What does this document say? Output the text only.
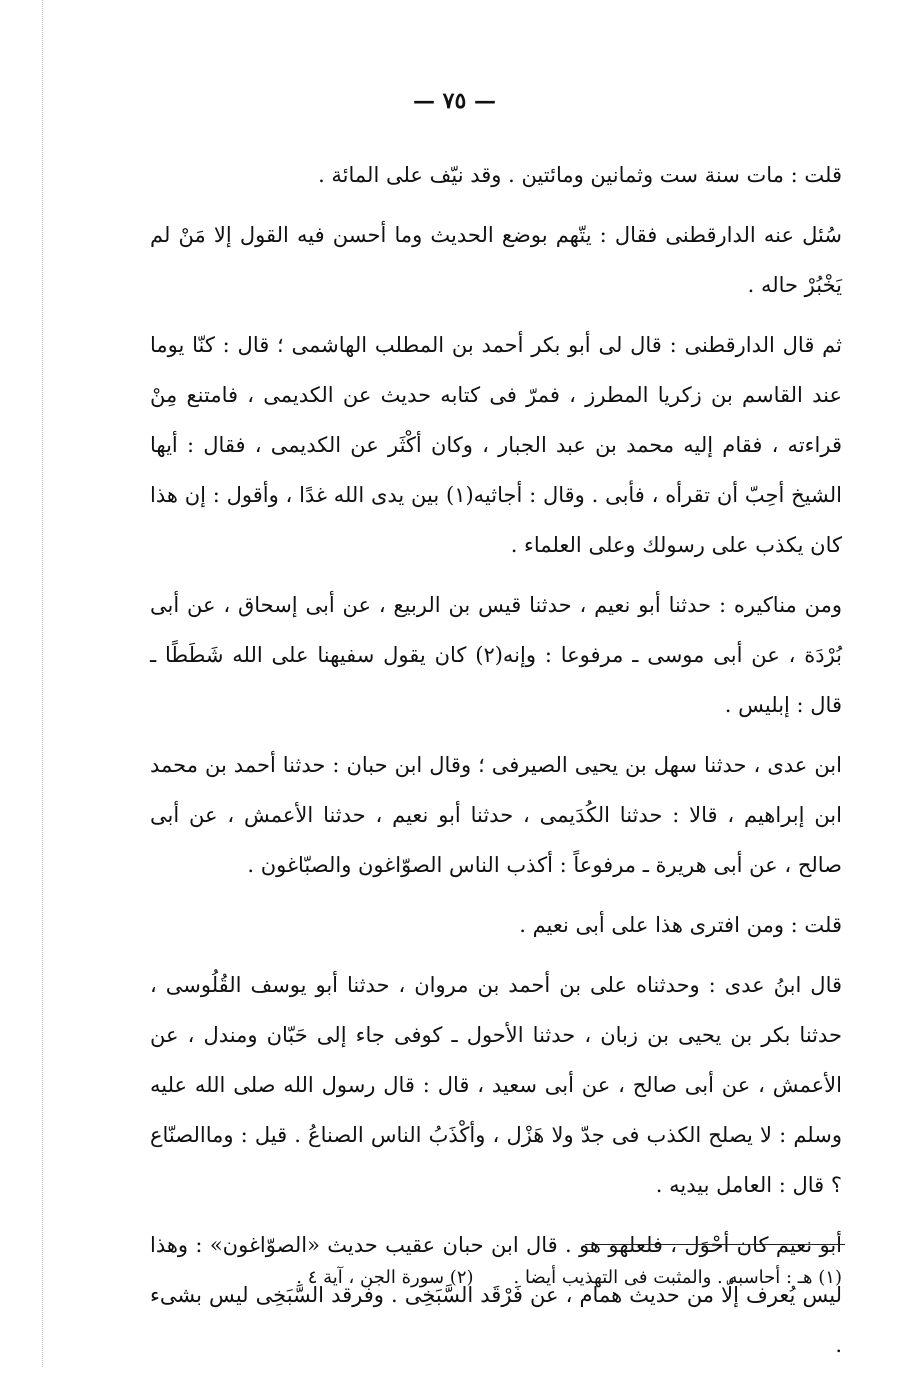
— ٧٥ —

قلت : مات سنة ست وثمانين ومائتين . وقد نيّف على المائة .

سُئل عنه الدارقطنى فقال : يتّهم بوضع الحديث وما أحسن فيه القول إلا مَنْ لم يَخْبُرْ حاله .

ثم قال الدارقطنى : قال لى أبو بكر أحمد بن المطلب الهاشمى ؛ قال : كنّا يوما عند القاسم بن زكريا المطرز ، فمرّ فى كتابه حديث عن الكديمى ، فامتنع مِنْ قراءته ، فقام إليه محمد بن عبد الجبار ، وكان أكْثَر عن الكديمى ، فقال : أيها الشيخ أحِبّ أن تقرأه ، فأبى . وقال : أجاثيه(١) بين يدى الله غدًا ، وأقول : إن هذا كان يكذب على رسولك وعلى العلماء .

ومن مناكيره : حدثنا أبو نعيم ، حدثنا قيس بن الربيع ، عن أبى إسحاق ، عن أبى بُرْدَة ، عن أبى موسى ـ مرفوعا : وإنه(٢) كان يقول سفيهنا على الله شَطَطًا ـ قال : إبليس .

ابن عدى ، حدثنا سهل بن يحيى الصيرفى ؛ وقال ابن حبان : حدثنا أحمد بن محمد ابن إبراهيم ، قالا : حدثنا الكُدَيمى ، حدثنا أبو نعيم ، حدثنا الأعمش ، عن أبى صالح ، عن أبى هريرة ـ مرفوعاً : أكذب الناس الصوّاغون والصبّاغون .

قلت : ومن افترى هذا على أبى نعيم .

قال ابنُ عدى : وحدثناه على بن أحمد بن مروان ، حدثنا أبو يوسف القُلُوسى ، حدثنا بكر بن يحيى بن زبان ، حدثنا الأحول ـ كوفى جاء إلى حَبّان ومندل ، عن الأعمش ، عن أبى صالح ، عن أبى سعيد ، قال : قال رسول الله صلى الله عليه وسلم : لا يصلح الكذب فى جدّ ولا هَزْل ، وأكْذَبُ الناس الصناعُ . قيل : وماالصنّاع ؟ قال : العامل بيديه .

أبو نعيم كان أحْوَل ، فلعلهو هو . قال ابن حبان عقيب حديث «الصوّاغون» : وهذا ليس يُعرف إلّا من حديث همام ، عن فَرْقَد السَّبَخِى . وفرقد السَّبَخِى ليس بشىء .

(١) هـ : أحاسبه . والمثبت فى التهذيب أيضا .
(٢) سورة الجن ، آية ٤ .
